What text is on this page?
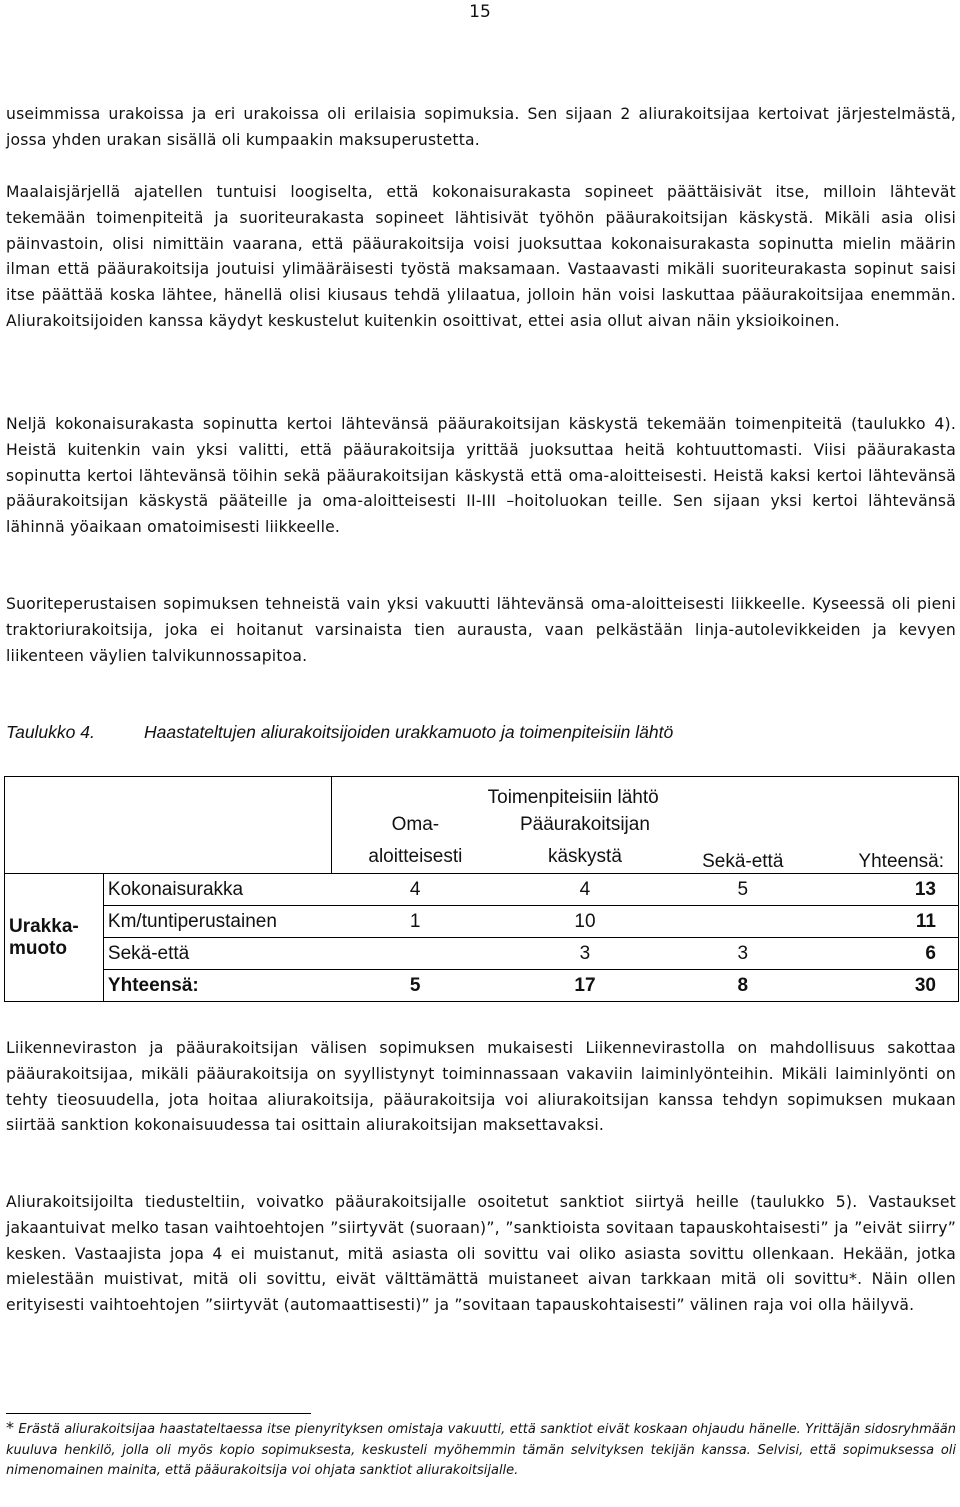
15

useimmissa urakoissa ja eri urakoissa oli erilaisia sopimuksia. Sen sijaan 2 aliurakoitsijaa kertoivat järjestelmästä, jossa yhden urakan sisällä oli kumpaakin maksuperustetta.

Maalaisjärjellä ajatellen tuntuisi loogiselta, että kokonaisurakasta sopineet päättäisivät itse, milloin lähtevät tekemään toimenpiteitä ja suoriteurakasta sopineet lähtisivät työhön pääurakoitsijan käskystä. Mikäli asia olisi päinvastoin, olisi nimittäin vaarana, että pääurakoitsija voisi juoksuttaa kokonaisurakasta sopinutta mielin määrin ilman että pääurakoitsija joutuisi ylimääräisesti työstä maksamaan. Vastaavasti mikäli suoriteurakasta sopinut saisi itse päättää koska lähtee, hänellä olisi kiusaus tehdä ylilaatua, jolloin hän voisi laskuttaa pääurakoitsijaa enemmän. Aliurakoitsijoiden kanssa käydyt keskustelut kuitenkin osoittivat, ettei asia ollut aivan näin yksioikoinen.

Neljä kokonaisurakasta sopinutta kertoi lähtevänsä pääurakoitsijan käskystä tekemään toimenpiteitä (taulukko 4). Heistä kuitenkin vain yksi valitti, että pääurakoitsija yrittää juoksuttaa heitä kohtuuttomasti. Viisi pääurakasta sopinutta kertoi lähtevänsä töihin sekä pääurakoitsijan käskystä että oma-aloitteisesti. Heistä kaksi kertoi lähtevänsä pääurakoitsijan käskystä pääteille ja oma-aloitteisesti II-III –hoitoluokan teille. Sen sijaan yksi kertoi lähtevänsä lähinnä yöaikaan omatoimisesti liikkeelle.

Suoriteperustaisen sopimuksen tehneistä vain yksi vakuutti lähtevänsä oma-aloitteisesti liikkeelle. Kyseessä oli pieni traktoriurakoitsija, joka ei hoitanut varsinaista tien aurausta, vaan pelkästään linja-autolevikkeiden ja kevyen liikenteen väylien talvikunnossapitoa.

Taulukko 4.	Haastateltujen aliurakoitsijoiden urakkamuoto ja toimenpiteisiin lähtö
		Toimenpiteisiin lähtö			
		Oma-	Pääurakoitsijan		
		aloitteisesti	käskystä	Sekä-että	Yhteensä:
	Kokonaisurakka	4	4	5	13
Urakka-	Km/tuntiperustainen	1	10		11
muoto	Sekä-että		3	3	6
	Yhteensä:	5	17	8	30

Liikenneviraston ja pääurakoitsijan välisen sopimuksen mukaisesti Liikennevirastolla on mahdollisuus sakottaa pääurakoitsijaa, mikäli pääurakoitsija on syyllistynyt toiminnassaan vakaviin laiminlyönteihin. Mikäli laiminlyönti on tehty tieosuudella, jota hoitaa aliurakoitsija, pääurakoitsija voi aliurakoitsijan kanssa tehdyn sopimuksen mukaan siirtää sanktion kokonaisuudessa tai osittain aliurakoitsijan maksettavaksi.

Aliurakoitsijoilta tiedusteltiin, voivatko pääurakoitsijalle osoitetut sanktiot siirtyä heille (taulukko 5). Vastaukset jakaantuivat melko tasan vaihtoehtojen ”siirtyvät (suoraan)”, ”sanktioista sovitaan tapauskohtaisesti” ja ”eivät siirry” kesken. Vastaajista jopa 4 ei muistanut, mitä asiasta oli sovittu vai oliko asiasta sovittu ollenkaan. Hekään, jotka mielestään muistivat, mitä oli sovittu, eivät välttämättä muistaneet aivan tarkkaan mitä oli sovittu*. Näin ollen erityisesti vaihtoehtojen ”siirtyvät (automaattisesti)” ja ”sovitaan tapauskohtaisesti” välinen raja voi olla häilyvä.

* Erästä aliurakoitsijaa haastateltaessa itse pienyrityksen omistaja vakuutti, että sanktiot eivät koskaan ohjaudu hänelle. Yrittäjän sidosryhmään kuuluva henkilö, jolla oli myös kopio sopimuksesta, keskusteli myöhemmin tämän selvityksen tekijän kanssa. Selvisi, että sopimuksessa oli nimenomainen mainita, että pääurakoitsija voi ohjata sanktiot aliurakoitsijalle.
